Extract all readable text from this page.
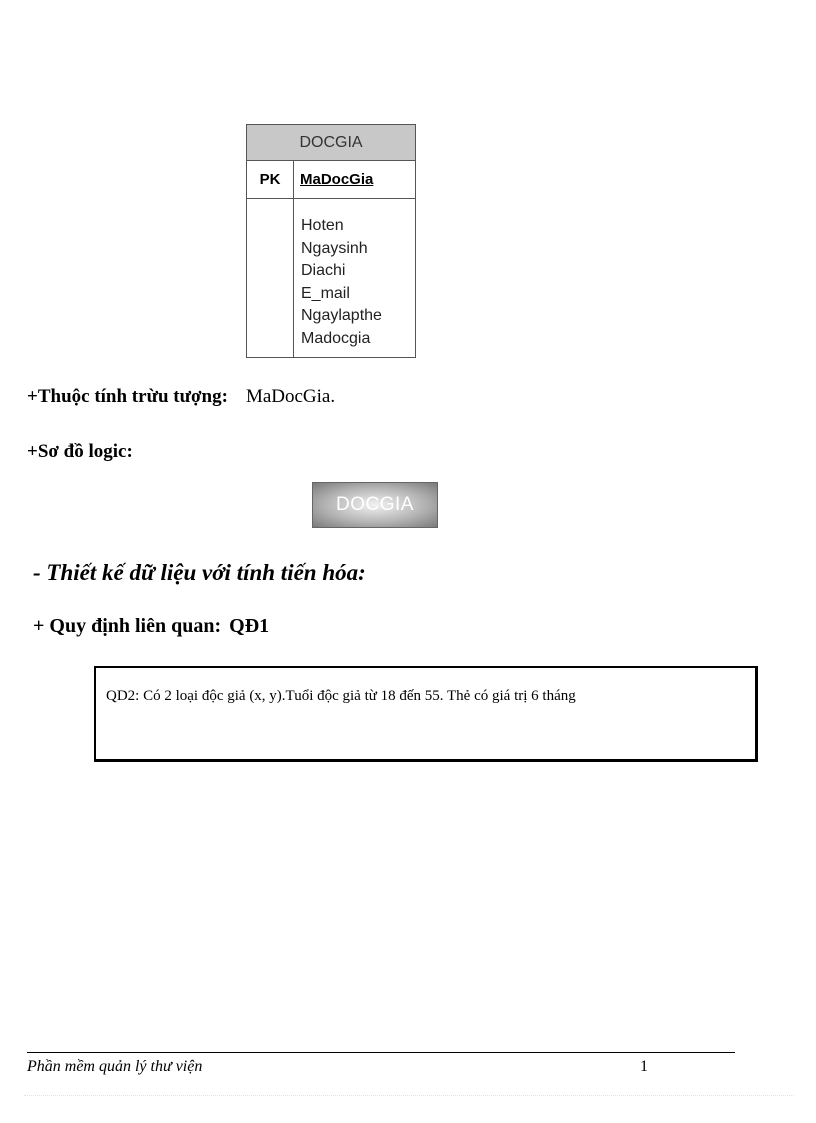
DOCGIA
PK	MaDocGia
Hoten
Ngaysinh
Diachi
E_mail
Ngaylapthe
Madocgia
+Thuộc tính trừu tượng: MaDocGia.
+Sơ đồ logic:
DOCGIA
- Thiết kế dữ liệu với tính tiến hóa:
+ Quy định liên quan: QĐ1
QD2: Có 2 loại độc giả (x, y).Tuổi độc giả từ 18 đến 55. Thẻ có giá trị 6 tháng
Phần mềm quản lý thư viện	1
